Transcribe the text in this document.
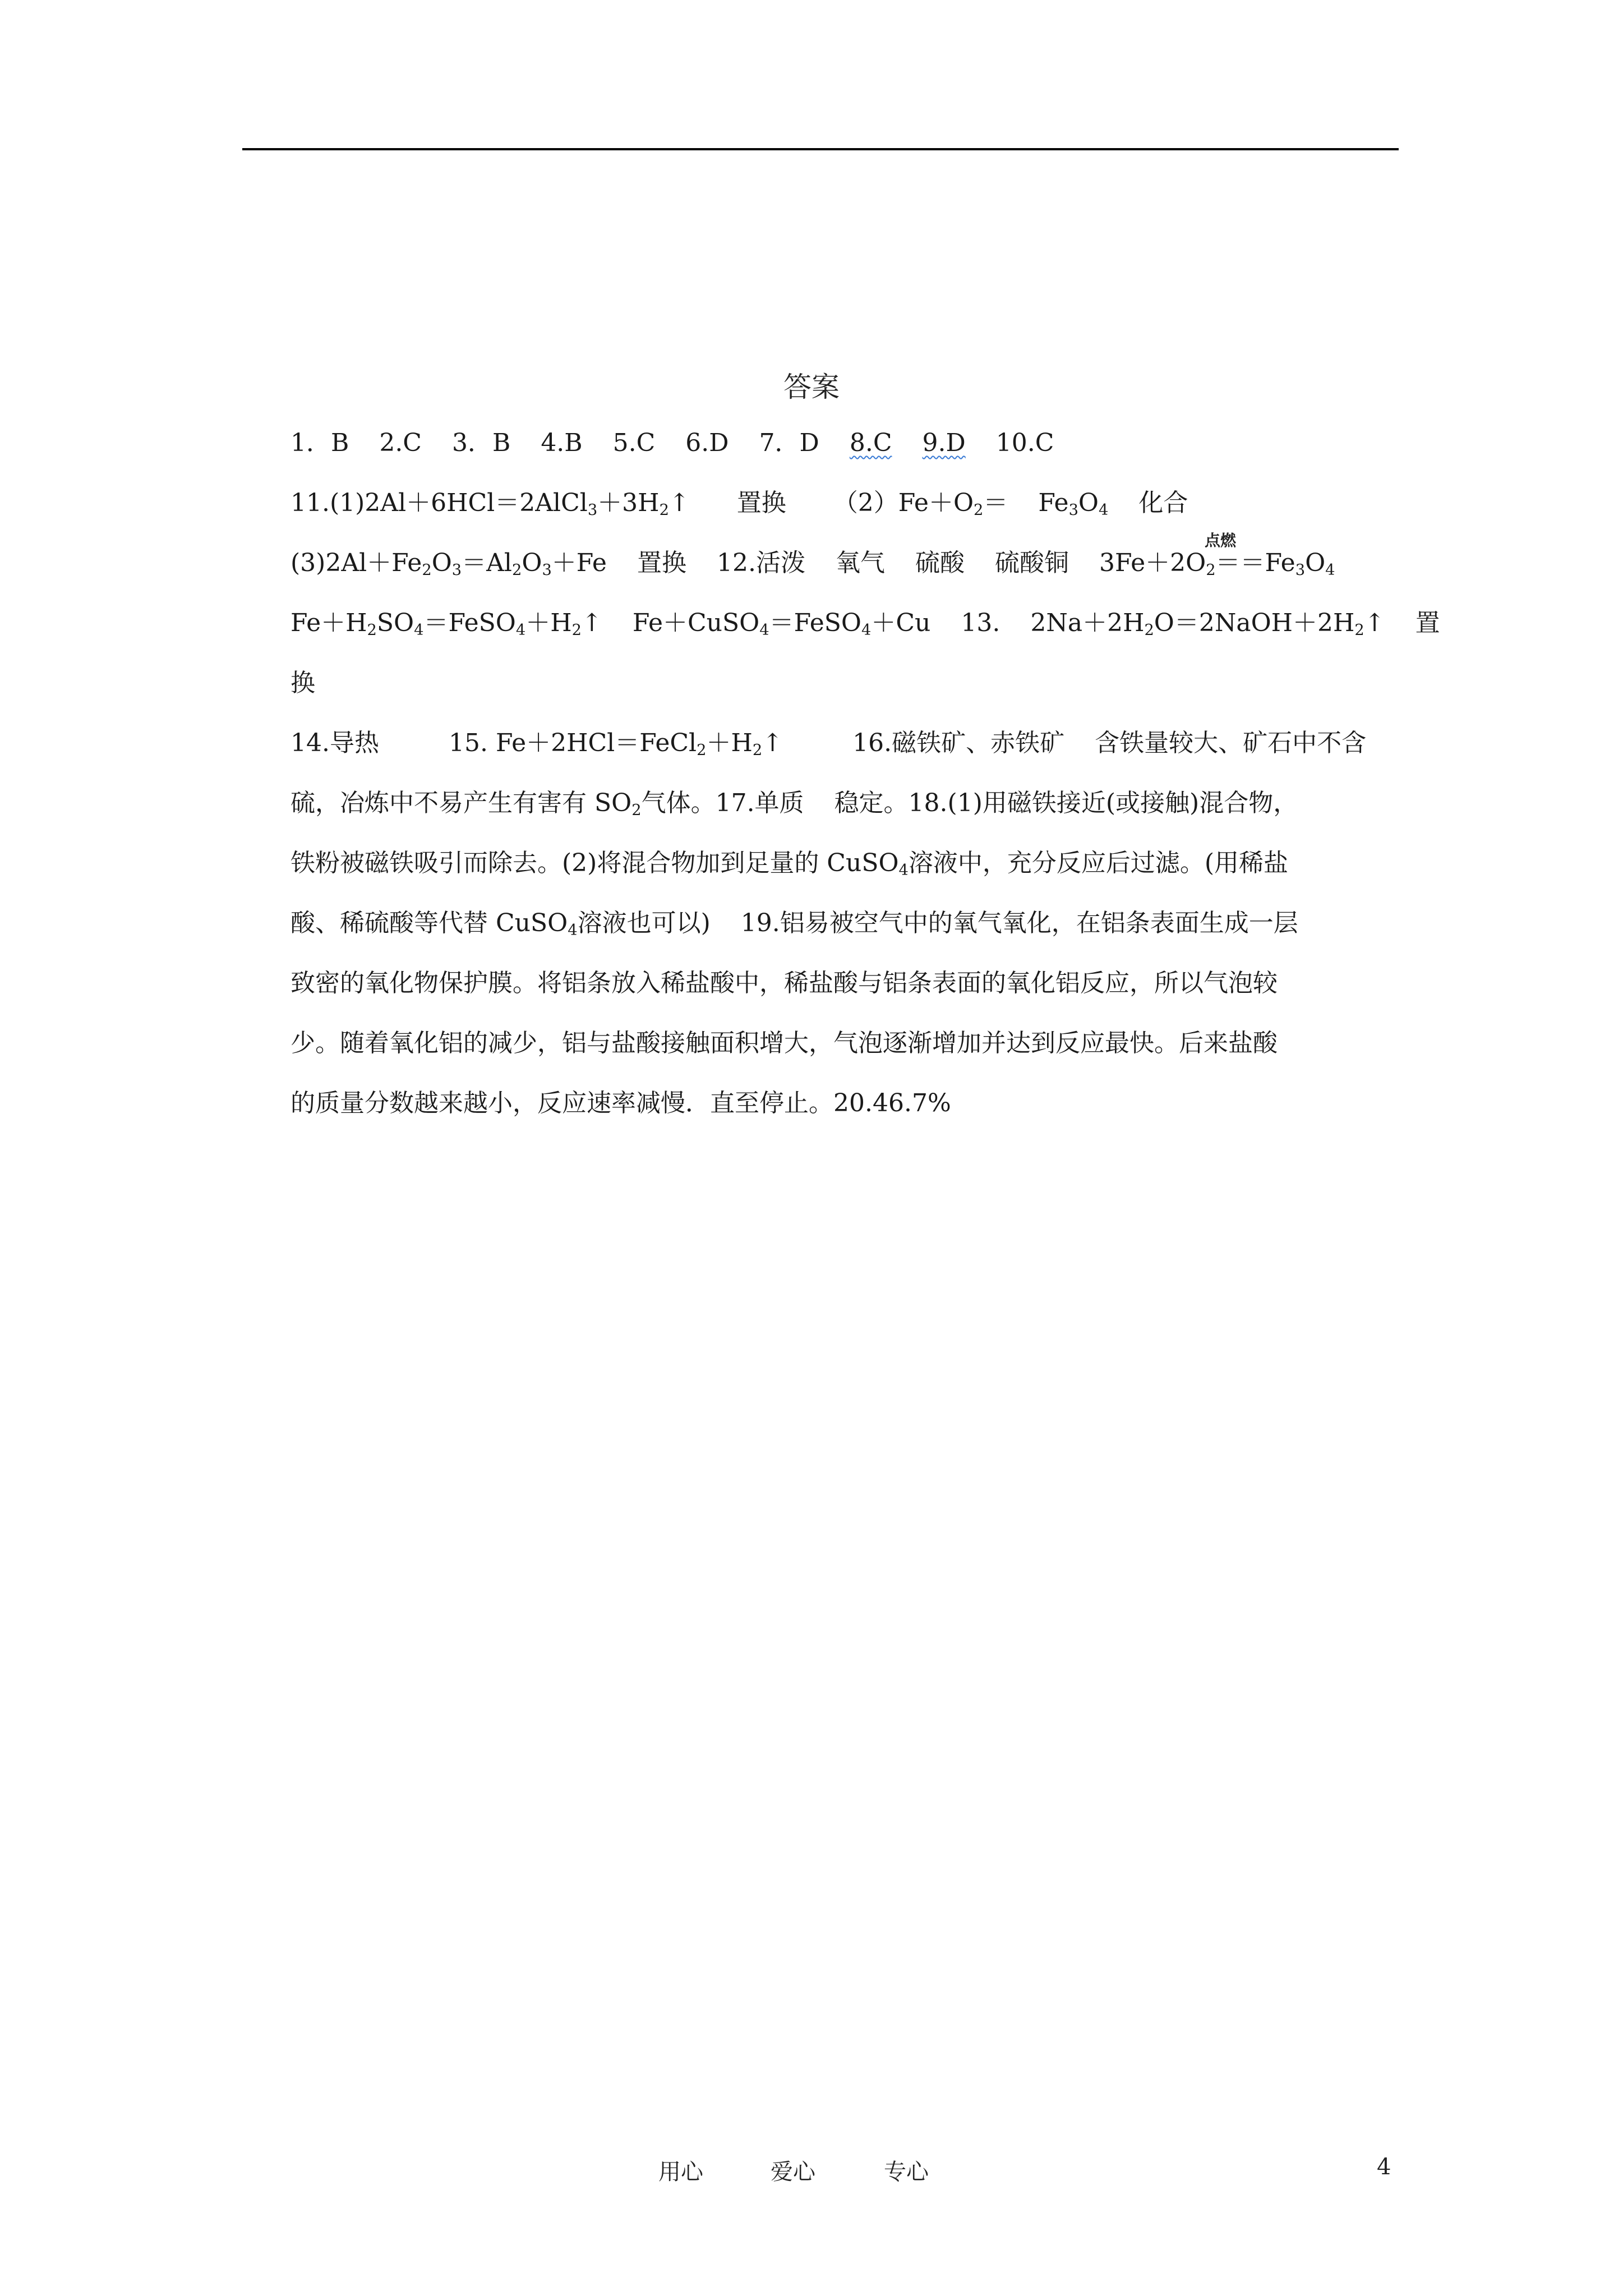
答案
1．B 2.C 3．B 4.B 5.C 6.D 7．D 8.C 9.D 10.C
$11.(1)2Al+6HCl=2AlCl_3+3H_2↑$ 置换 $(2)Fe+O_2= Fe_3O_4$ 化合
点燃
$(3)2Al+Fe_2O_3=Al_2O_3+Fe$ 置换 12.活泼 氧气 硫酸 硫酸铜 $3Fe+2O_2==Fe_3O_4$
$Fe+H_2SO_4=FeSO_4+H_2↑$ Fe＋CuSO$_4$＝FeSO$_4$＋Cu 13. $2Na+2H_2O=2NaOH+2H_2↑$ 置
换
14.导热	15. $Fe+2HCl=FeCl_2+H_2↑$	16.磁铁矿、赤铁矿 含铁量较大、矿石中不含
硫，冶炼中不易产生有害有 $SO_2$气体。17.单质 稳定。18.(1)用磁铁接近(或接触)混合物，
铁粉被磁铁吸引而除去。(2)将混合物加到足量的 CuSO$_4$溶液中，充分反应后过滤。(用稀盐
酸、稀硫酸等代替 CuSO$_4$溶液也可以) 19.铝易被空气中的氧气氧化，在铝条表面生成一层
致密的氧化物保护膜。将铝条放入稀盐酸中，稀盐酸与铝条表面的氧化铝反应，所以气泡较
少。随着氧化铝的减少，铝与盐酸接触面积增大，气泡逐渐增加并达到反应最快。后来盐酸
的质量分数越来越小，反应速率减慢．直至停止。20.46.7%
用心	爱心	专心	4
